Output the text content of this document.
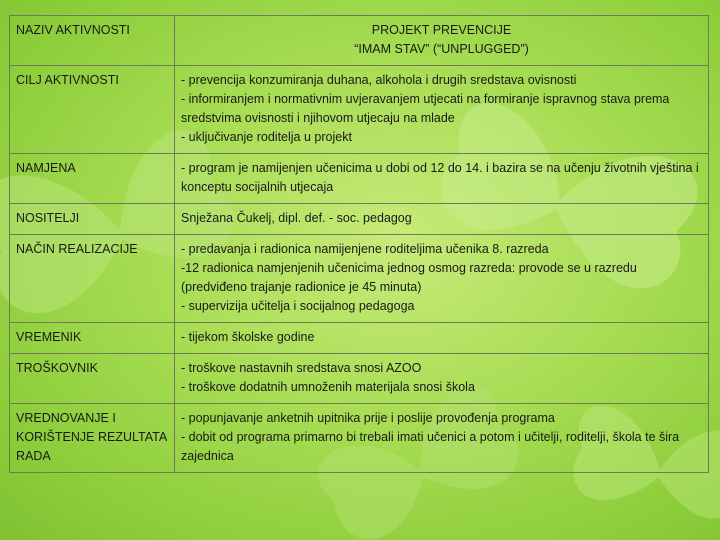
NAZIV AKTIVNOSTI	PROJEKT PREVENCIJE
“IMAM STAV” (“UNPLUGGED”)

CILJ AKTIVNOSTI	- prevencija konzumiranja duhana, alkohola i drugih sredstava ovisnosti
- informiranjem i normativnim uvjeravanjem utjecati na formiranje ispravnog stava prema sredstvima ovisnosti i njihovom utjecaju na mlade
- uključivanje roditelja u projekt

NAMJENA	- program je namijenjen učenicima u dobi od 12 do 14. i bazira se na učenju životnih vještina i konceptu socijalnih utjecaja

NOSITELJI	Snježana Čukelj, dipl. def. - soc. pedagog

NAČIN REALIZACIJE	- predavanja i radionica namijenjene roditeljima učenika 8. razreda
-12 radionica namjenjenih učenicima jednog osmog razreda: provode se u razredu (predviđeno trajanje radionice je 45 minuta)
- supervizija učitelja i socijalnog pedagoga

VREMENIK	- tijekom školske godine

TROŠKOVNIK	- troškove nastavnih sredstava snosi AZOO
- troškove dodatnih umnoženih materijala snosi škola

VREDNOVANJE I KORIŠTENJE REZULTATA RADA	- popunjavanje anketnih upitnika prije i poslije provođenja programa
- dobit od programa primarno bi trebali imati učenici a potom i učitelji, roditelji, škola te šira zajednica
